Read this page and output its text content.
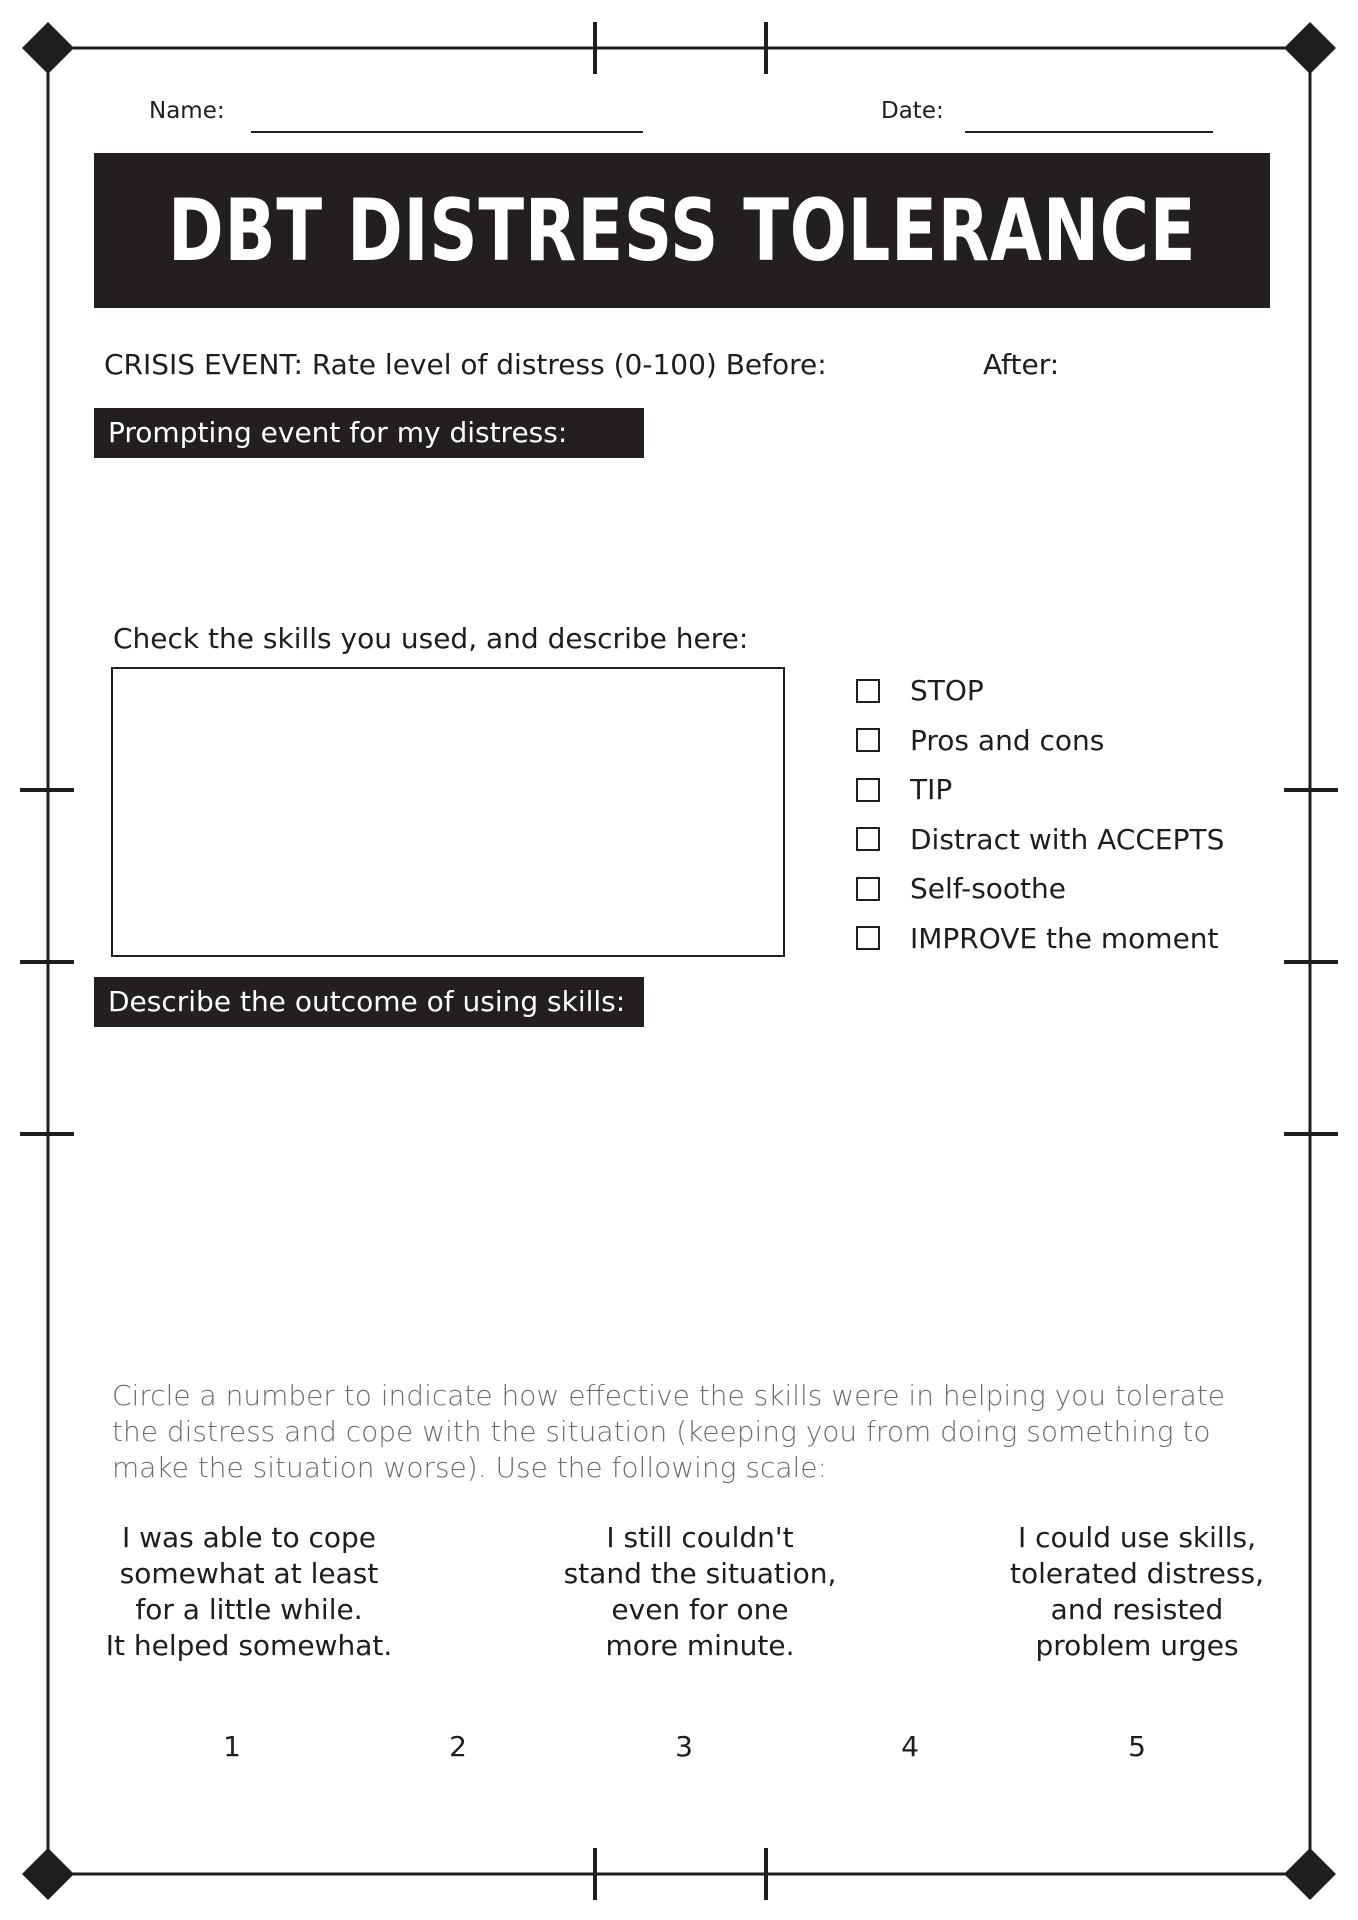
Name:	Date:
DBT DISTRESS TOLERANCE
CRISIS EVENT: Rate level of distress (0-100) Before:	After:
Prompting event for my distress:
Check the skills you used, and describe here:
STOP
Pros and cons
TIP
Distract with ACCEPTS
Self-soothe
IMPROVE the moment
Describe the outcome of using skills:
Circle a number to indicate how effective the skills were in helping you tolerate
the distress and cope with the situation (keeping you from doing something to
make the situation worse). Use the following scale:
I was able to cope
somewhat at least
for a little while.
It helped somewhat.
I still couldn't
stand the situation,
even for one
more minute.
I could use skills,
tolerated distress,
and resisted
problem urges
1	2	3	4	5
